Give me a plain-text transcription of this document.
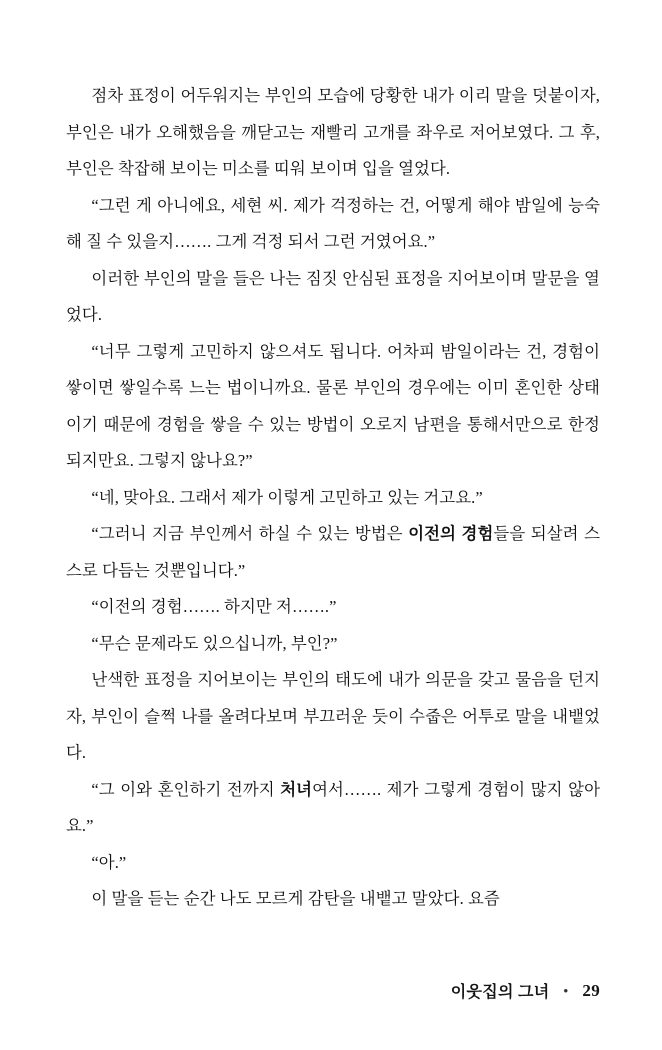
점차 표정이 어두워지는 부인의 모습에 당황한 내가 이리 말을 덧붙이자, 부인은 내가 오해했음을 깨닫고는 재빨리 고개를 좌우로 저어보였다. 그 후, 부인은 착잡해 보이는 미소를 띠워 보이며 입을 열었다.

“그런 게 아니에요, 세현 씨. 제가 걱정하는 건, 어떻게 해야 밤일에 능숙해 질 수 있을지……. 그게 걱정 되서 그런 거였어요.”

이러한 부인의 말을 들은 나는 짐짓 안심된 표정을 지어보이며 말문을 열었다.

“너무 그렇게 고민하지 않으셔도 됩니다. 어차피 밤일이라는 건, 경험이 쌓이면 쌓일수록 느는 법이니까요. 물론 부인의 경우에는 이미 혼인한 상태이기 때문에 경험을 쌓을 수 있는 방법이 오로지 남편을 통해서만으로 한정되지만요. 그렇지 않나요?”

“네, 맞아요. 그래서 제가 이렇게 고민하고 있는 거고요.”

“그러니 지금 부인께서 하실 수 있는 방법은 이전의 경험들을 되살려 스스로 다듬는 것뿐입니다.”

“이전의 경험……. 하지만 저…….”

“무슨 문제라도 있으십니까, 부인?”

난색한 표정을 지어보이는 부인의 태도에 내가 의문을 갖고 물음을 던지자, 부인이 슬쩍 나를 올려다보며 부끄러운 듯이 수줍은 어투로 말을 내뱉었다.

“그 이와 혼인하기 전까지 처녀여서……. 제가 그렇게 경험이 많지 않아요.”

“아.”

이 말을 듣는 순간 나도 모르게 감탄을 내뱉고 말았다. 요즘

이웃집의 그녀 • 29
